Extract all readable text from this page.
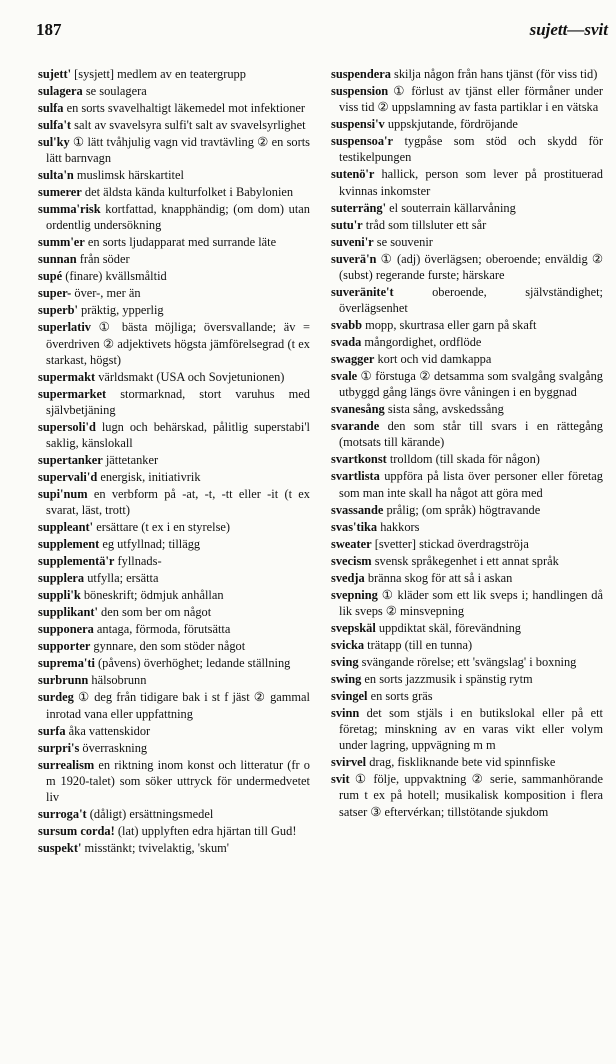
187	sujett—svit

sujett' [sysjett] medlem av en teatergrupp

sulagera se soulagera

sulfa en sorts svavelhaltigt läkemedel mot infektioner

sulfa't salt av svavelsyra sulfi't salt av svavelsyrlighet

sul'ky ① lätt tvåhjulig vagn vid travtävling ② en sorts lätt barnvagn

sulta'n muslimsk härskartitel

sumerer det äldsta kända kulturfolket i Babylonien

summa'risk kortfattad, knapphändig; (om dom) utan ordentlig undersökning

summ'er en sorts ljudapparat med surrande läte

sunnan från söder

supé (finare) kvällsmåltid

super- över-, mer än

superb' präktig, ypperlig

superlativ ① bästa möjliga; översvallande; äv = överdriven ② adjektivets högsta jämförelsegrad (t ex starkast, högst)

supermakt världsmakt (USA och Sovjetunionen)

supermarket stormarknad, stort varuhus med självbetjäning

supersoli'd lugn och behärskad, pålitlig superstabi'l saklig, känslokall

supertanker jättetanker

supervali'd energisk, initiativrik

supi'num en verbform på -at, -t, -tt eller -it (t ex svarat, läst, trott)

suppleant' ersättare (t ex i en styrelse)

supplement eg utfyllnad; tillägg

supplementä'r fyllnads-

supplera utfylla; ersätta

suppli'k böneskrift; ödmjuk anhållan

supplikant' den som ber om något

supponera antaga, förmoda, förutsätta

supporter gynnare, den som stöder något

suprema'ti (påvens) överhöghet; ledande ställning

surbrunn hälsobrunn

surdeg ① deg från tidigare bak i st f jäst ② gammal inrotad vana eller uppfattning

surfa åka vattenskidor

surpri's överraskning

surrealism en riktning inom konst och litteratur (fr o m 1920-talet) som söker uttryck för undermedvetet liv

surroga't (dåligt) ersättningsmedel

sursum corda! (lat) upplyften edra hjärtan till Gud!

suspekt' misstänkt; tvivelaktig, 'skum'

suspendera skilja någon från hans tjänst (för viss tid)

suspension ① förlust av tjänst eller förmåner under viss tid ② uppslamning av fasta partiklar i en vätska

suspensi'v uppskjutande, fördröjande

suspensoa'r tygpåse som stöd och skydd för testikelpungen

sutenö'r hallick, person som lever på prostituerad kvinnas inkomster

suterräng' el souterrain källarvåning

sutu'r tråd som tillsluter ett sår

suveni'r se souvenir

suverä'n ① (adj) överlägsen; oberoende; enväldig ② (subst) regerande furste; härskare

suveränite't oberoende, självständighet; överlägsenhet

svabb mopp, skurtrasa eller garn på skaft

svada mångordighet, ordflöde

swagger kort och vid damkappa

svale ① förstuga ② detsamma som svalgång svalgång utbyggd gång längs övre våningen i en byggnad

svanesång sista sång, avskedssång

svarande den som står till svars i en rättegång (motsats till kärande)

svartkonst trolldom (till skada för någon)

svartlista uppföra på lista över personer eller företag som man inte skall ha något att göra med

svassande prålig; (om språk) högtravande

svas'tika hakkors

sweater [svetter] stickad överdragströja

svecism svensk språkegenhet i ett annat språk

svedja bränna skog för att så i askan

svepning ① kläder som ett lik sveps i; handlingen då lik sveps ② minsvepning

svepskäl uppdiktat skäl, förevändning

svicka trätapp (till en tunna)

sving svängande rörelse; ett 'svängslag' i boxning

swing en sorts jazzmusik i spänstig rytm

svingel en sorts gräs

svinn det som stjäls i en butikslokal eller på ett företag; minskning av en varas vikt eller volym under lagring, uppvägning m m

svirvel drag, fiskliknande bete vid spinnfiske

svit ① följe, uppvaktning ② serie, sammanhörande rum t ex på hotell; musikalisk komposition i flera satser ③ eftervérkan; tillstötande sjukdom
